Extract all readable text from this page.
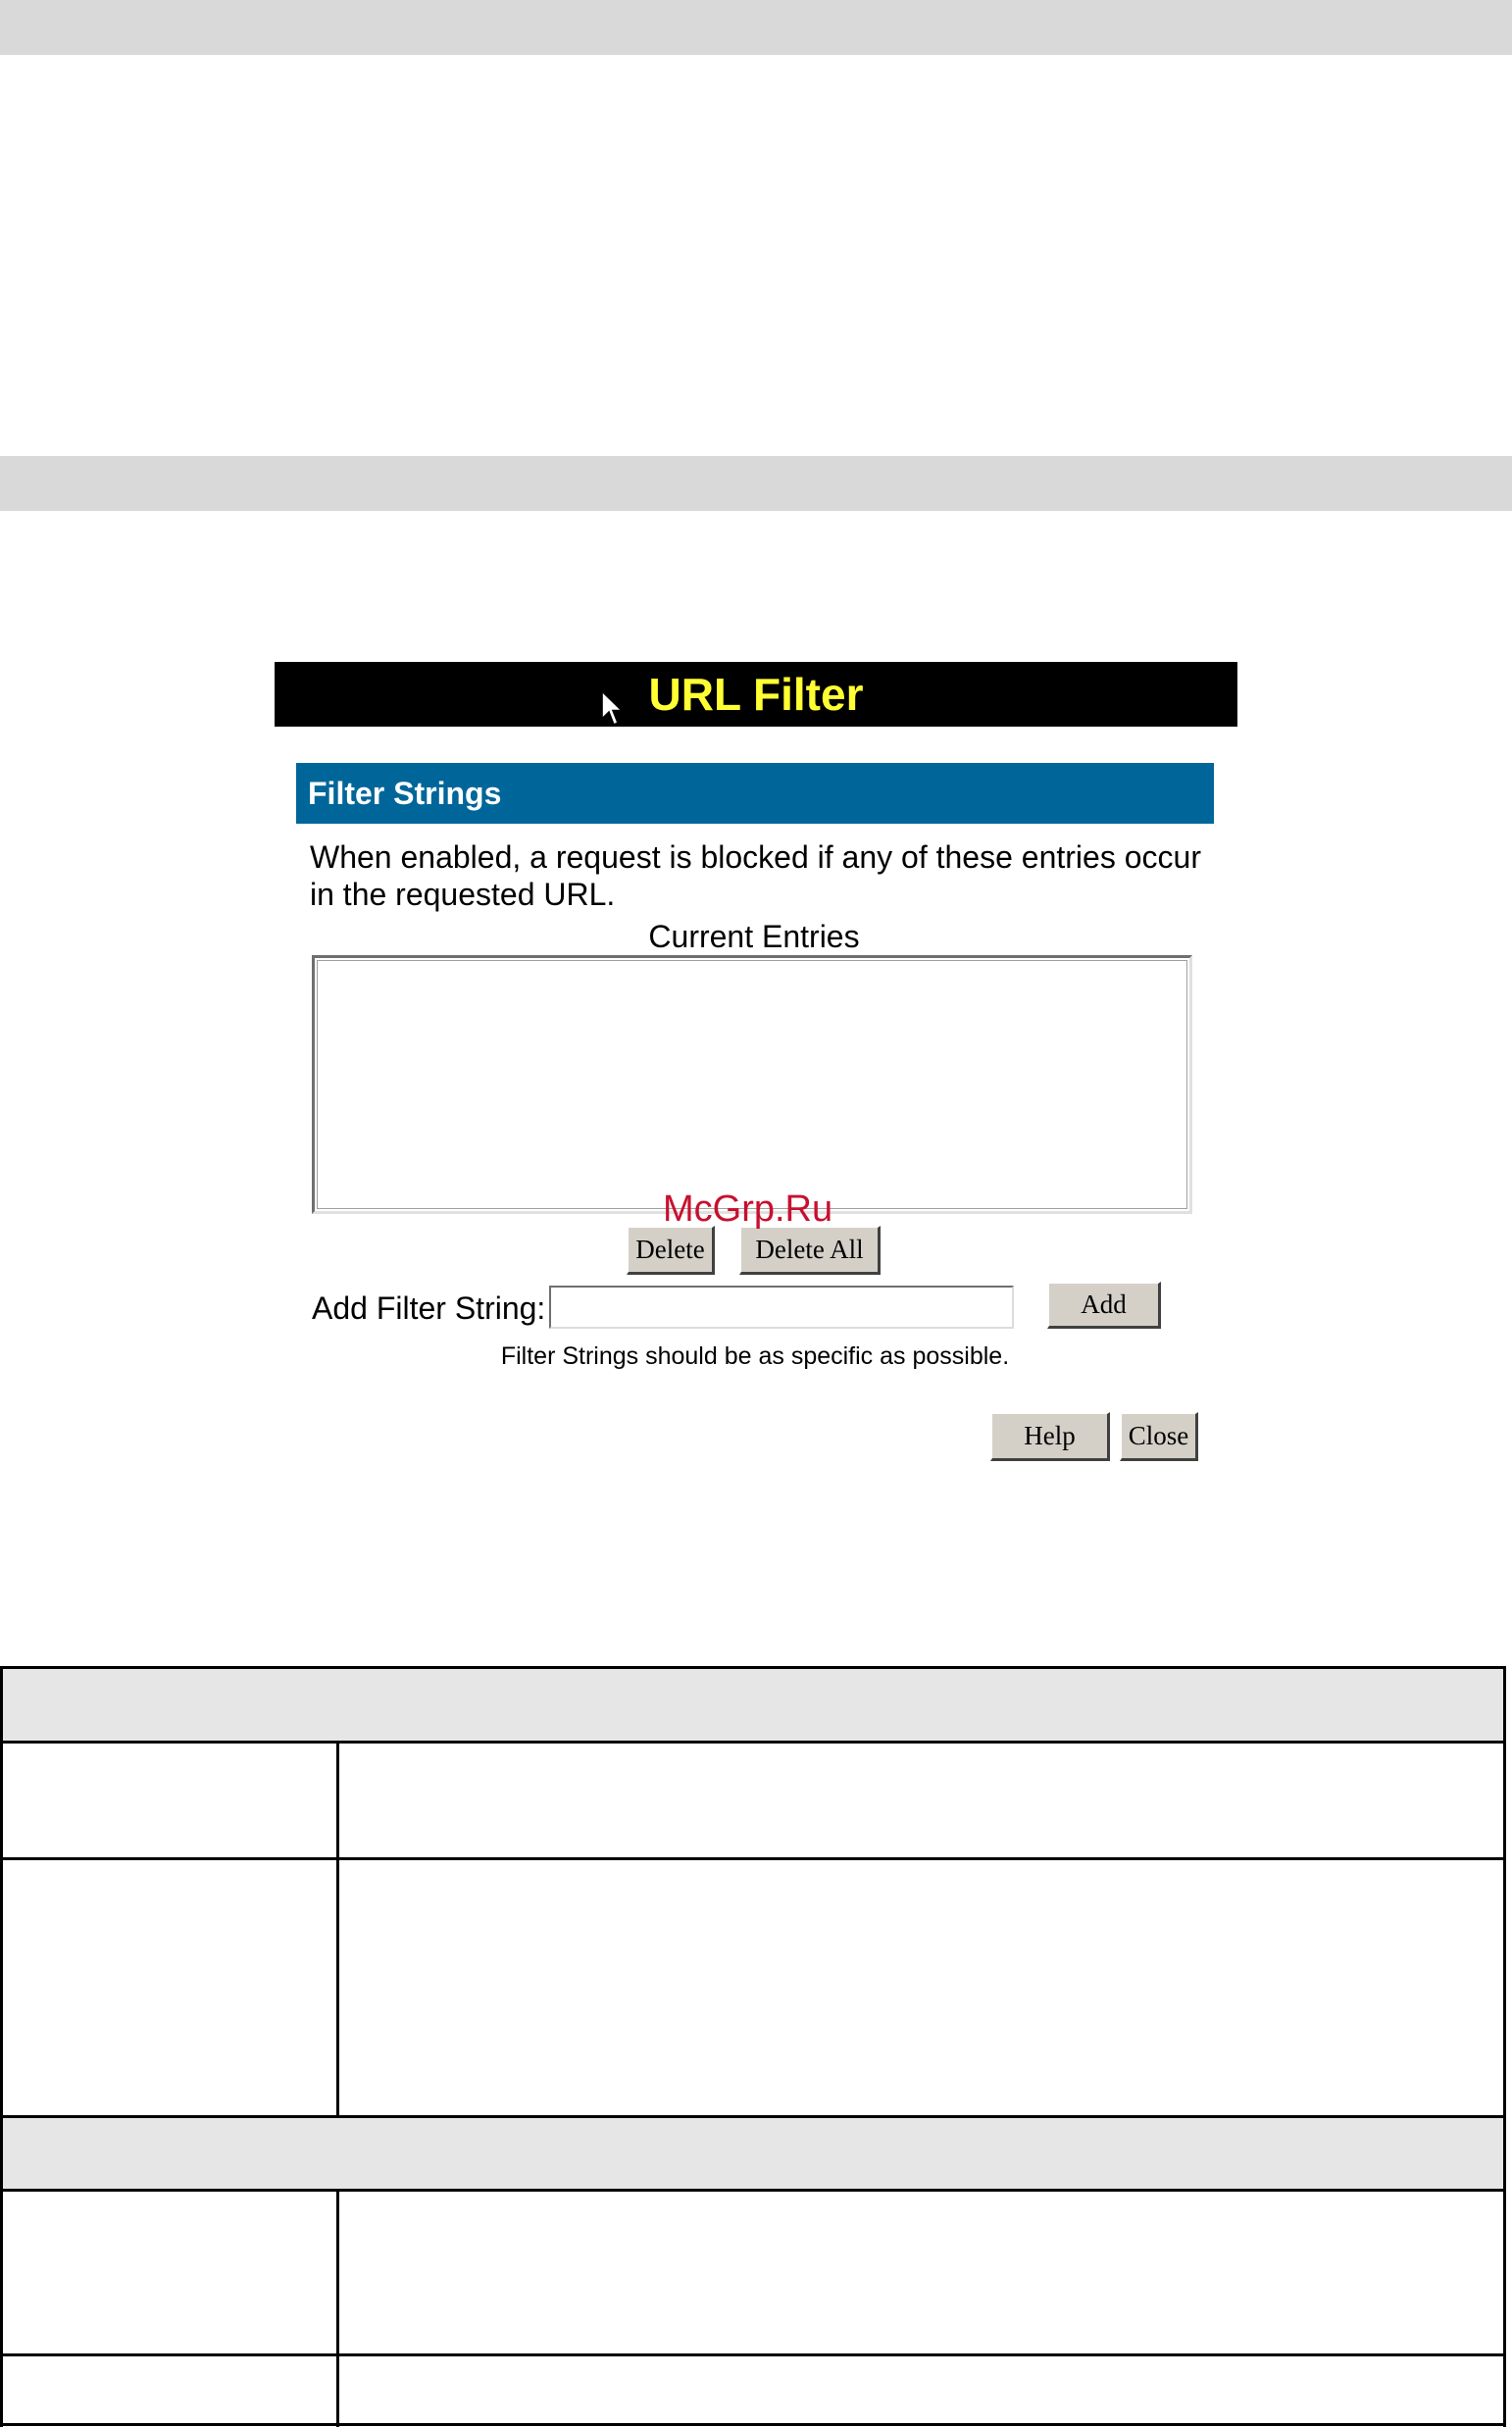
URL Filter
Filter Strings
When enabled, a request is blocked if any of these entries occur in the requested URL.
Current Entries
Delete	Delete All
Add Filter String:	Add
Filter Strings should be as specific as possible.
Help	Close
McGrp.Ru
